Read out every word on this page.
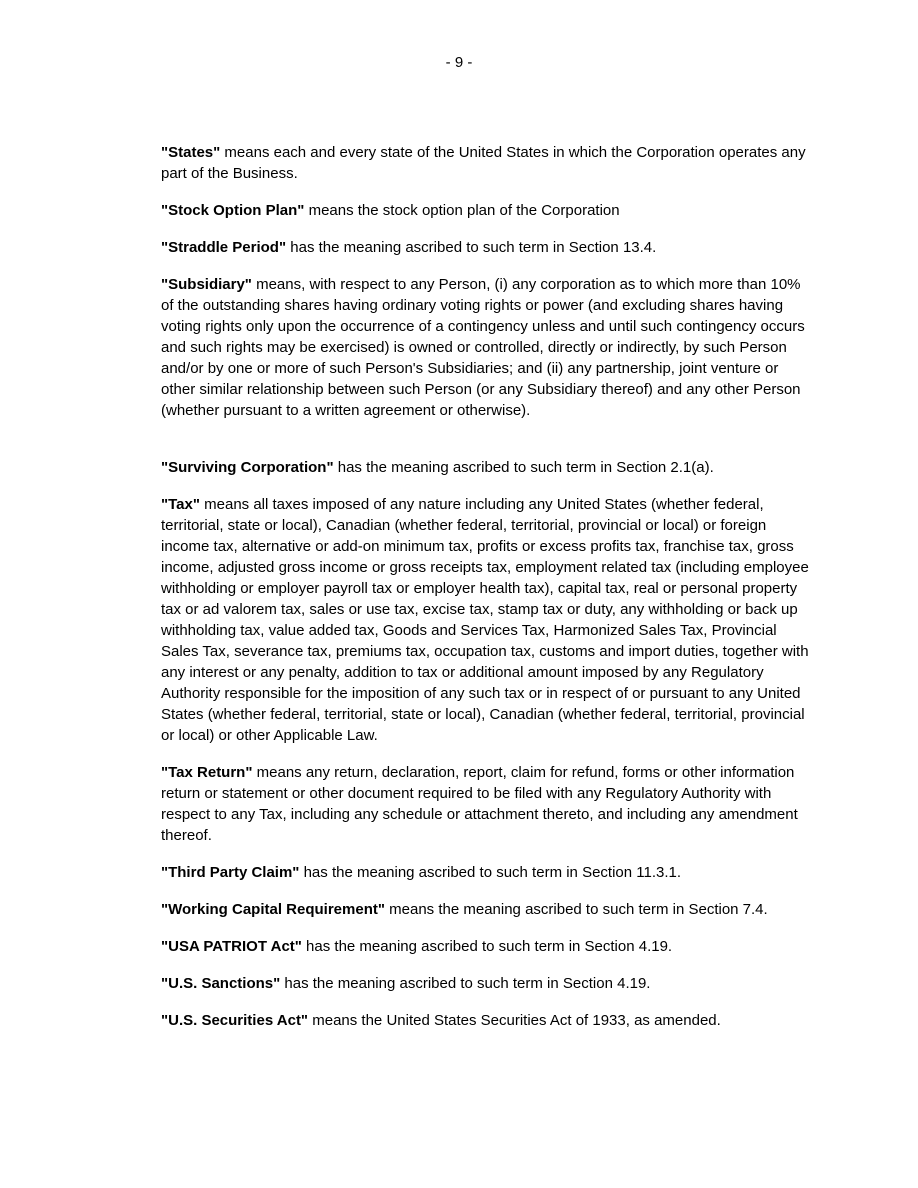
- 9 -

"States" means each and every state of the United States in which the Corporation operates any part of the Business.

"Stock Option Plan" means the stock option plan of the Corporation

"Straddle Period" has the meaning ascribed to such term in Section 13.4.

"Subsidiary" means, with respect to any Person, (i) any corporation as to which more than 10% of the outstanding shares having ordinary voting rights or power (and excluding shares having voting rights only upon the occurrence of a contingency unless and until such contingency occurs and such rights may be exercised) is owned or controlled, directly or indirectly, by such Person and/or by one or more of such Person's Subsidiaries; and (ii) any partnership, joint venture or other similar relationship between such Person (or any Subsidiary thereof) and any other Person (whether pursuant to a written agreement or otherwise).

"Surviving Corporation" has the meaning ascribed to such term in Section 2.1(a).

"Tax" means all taxes imposed of any nature including any United States (whether federal, territorial, state or local), Canadian (whether federal, territorial, provincial or local) or foreign income tax, alternative or add-on minimum tax, profits or excess profits tax, franchise tax, gross income, adjusted gross income or gross receipts tax, employment related tax (including employee withholding or employer payroll tax or employer health tax), capital tax, real or personal property tax or ad valorem tax, sales or use tax, excise tax, stamp tax or duty, any withholding or back up withholding tax, value added tax, Goods and Services Tax, Harmonized Sales Tax, Provincial Sales Tax, severance tax, premiums tax, occupation tax, customs and import duties, together with any interest or any penalty, addition to tax or additional amount imposed by any Regulatory Authority responsible for the imposition of any such tax or in respect of or pursuant to any United States (whether federal, territorial, state or local), Canadian (whether federal, territorial, provincial or local) or other Applicable Law.

"Tax Return" means any return, declaration, report, claim for refund, forms or other information return or statement or other document required to be filed with any Regulatory Authority with respect to any Tax, including any schedule or attachment thereto, and including any amendment thereof.

"Third Party Claim" has the meaning ascribed to such term in Section 11.3.1.

"Working Capital Requirement" means the meaning ascribed to such term in Section 7.4.

"USA PATRIOT Act" has the meaning ascribed to such term in Section 4.19.

"U.S. Sanctions" has the meaning ascribed to such term in Section 4.19.

"U.S. Securities Act" means the United States Securities Act of 1933, as amended.
